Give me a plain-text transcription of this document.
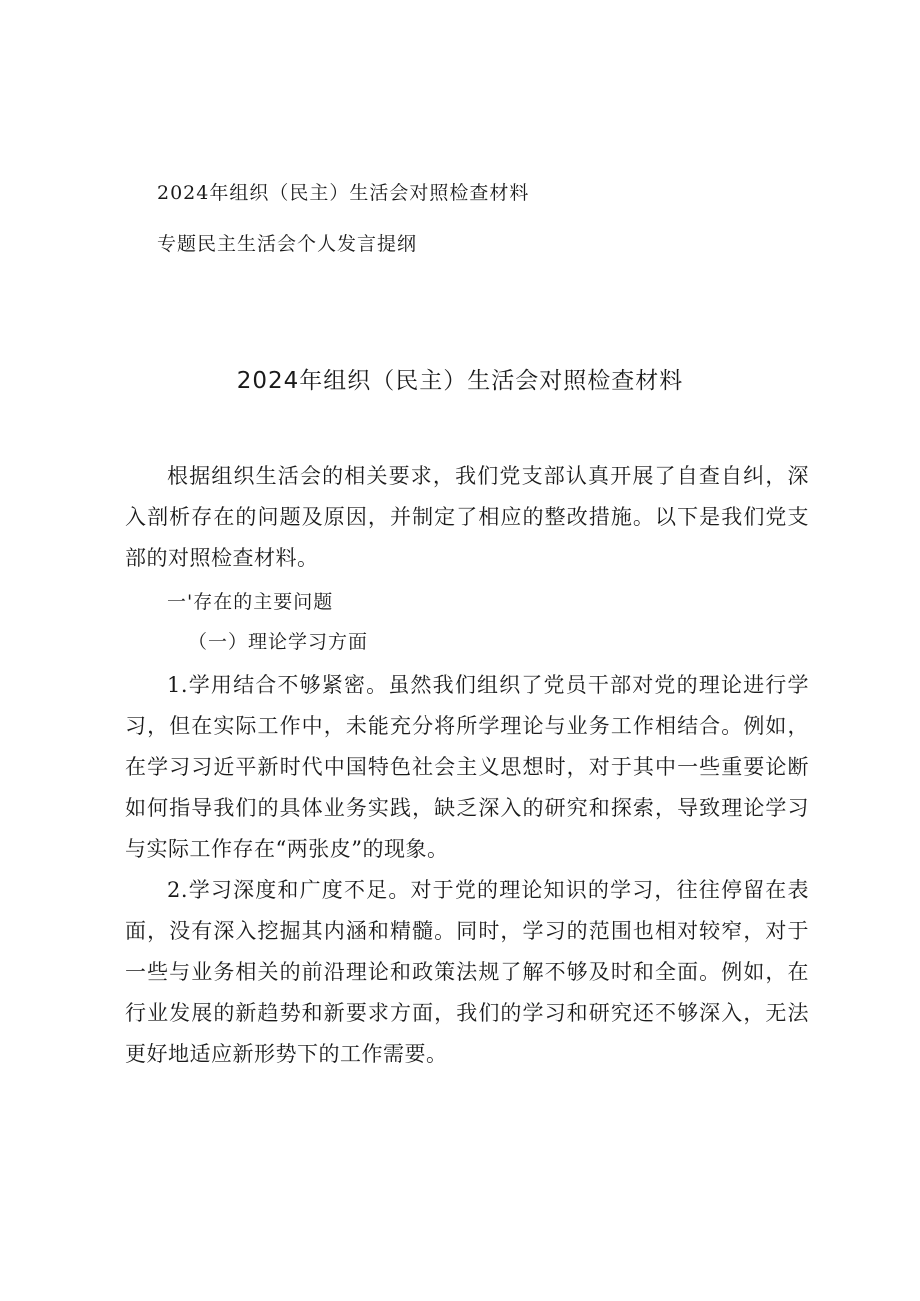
2024年组织（民主）生活会对照检查材料
专题民主生活会个人发言提纲
2024年组织（民主）生活会对照检查材料

根据组织生活会的相关要求，我们党支部认真开展了自查自纠，深入剖析存在的问题及原因，并制定了相应的整改措施。以下是我们党支部的对照检查材料。

一'存在的主要问题
（一）理论学习方面

1.学用结合不够紧密。虽然我们组织了党员干部对党的理论进行学习，但在实际工作中，未能充分将所学理论与业务工作相结合。例如，在学习习近平新时代中国特色社会主义思想时，对于其中一些重要论断如何指导我们的具体业务实践，缺乏深入的研究和探索，导致理论学习与实际工作存在“两张皮”的现象。

2.学习深度和广度不足。对于党的理论知识的学习，往往停留在表面，没有深入挖掘其内涵和精髓。同时，学习的范围也相对较窄，对于一些与业务相关的前沿理论和政策法规了解不够及时和全面。例如，在行业发展的新趋势和新要求方面，我们的学习和研究还不够深入，无法更好地适应新形势下的工作需要。
